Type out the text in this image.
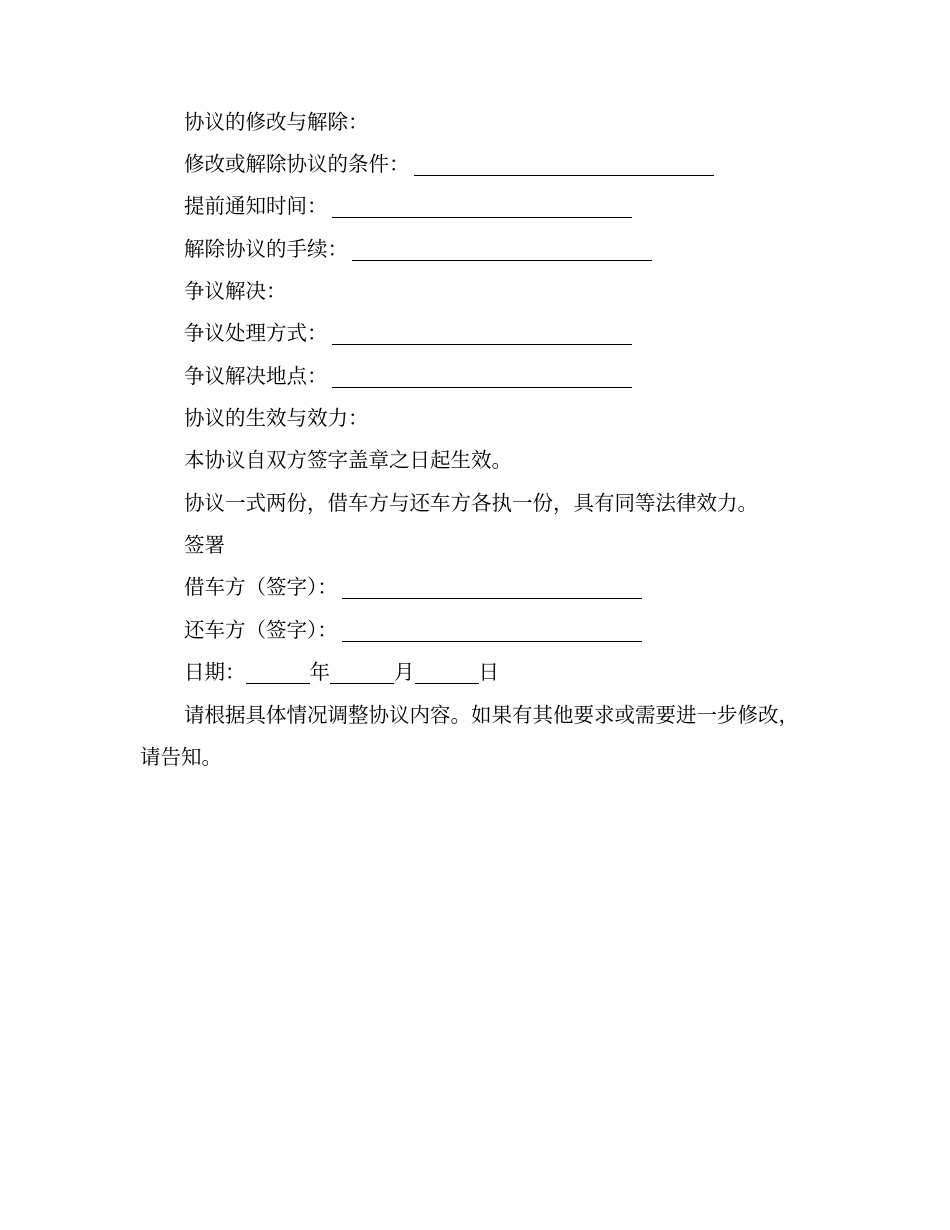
协议的修改与解除：
修改或解除协议的条件：
提前通知时间：
解除协议的手续：
争议解决：
争议处理方式：
争议解决地点：
协议的生效与效力：
本协议自双方签字盖章之日起生效。
协议一式两份，借车方与还车方各执一份，具有同等法律效力。
签署
借车方（签字）：
还车方（签字）：
日期：	年	月	日
请根据具体情况调整协议内容。如果有其他要求或需要进一步修改，请告知。
